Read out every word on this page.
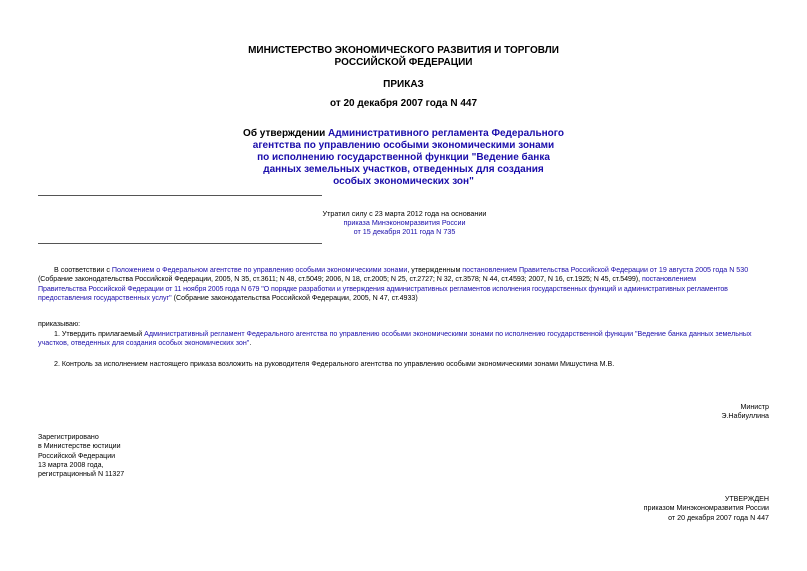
МИНИСТЕРСТВО ЭКОНОМИЧЕСКОГО РАЗВИТИЯ И ТОРГОВЛИ
РОССИЙСКОЙ ФЕДЕРАЦИИ
ПРИКАЗ
от 20 декабря 2007 года N 447
Об утверждении Административного регламента Федерального
агентства по управлению особыми экономическими зонами
по исполнению государственной функции "Ведение банка
данных земельных участков, отведенных для создания
особых экономических зон"
Утратил силу с 23 марта 2012 года на основании
приказа Минэкономразвития России
от 15 декабря 2011 года N 735
В соответствии с Положением о Федеральном агентстве по управлению особыми экономическими зонами, утвержденным постановлением Правительства Российской Федерации от 19 августа 2005 года N 530
(Собрание законодательства Российской Федерации, 2005, N 35, ст.3611; N 48, ст.5049; 2006, N 18, ст.2005; N 25, ст.2727; N 32, ст.3578; N 44, ст.4593; 2007, N 16, ст.1925; N 45, ст.5499), постановлением
Правительства Российской Федерации от 11 ноября 2005 года N 679 "О порядке разработки и утверждения административных регламентов исполнения государственных функций и административных регламентов
предоставления государственных услуг" (Собрание законодательства Российской Федерации, 2005, N 47, ст.4933)
приказываю:
1. Утвердить прилагаемый Административный регламент Федерального агентства по управлению особыми экономическими зонами по исполнению государственной функции "Ведение банка данных земельных
участков, отведенных для создания особых экономических зон".
2. Контроль за исполнением настоящего приказа возложить на руководителя Федерального агентства по управлению особыми экономическими зонами Мишустина М.В.
Министр
Э.Набиуллина
Зарегистрировано
в Министерстве юстиции
Российской Федерации
13 марта 2008 года,
регистрационный N 11327
УТВЕРЖДЕН
приказом Минэкономразвития России
от 20 декабря 2007 года N 447
